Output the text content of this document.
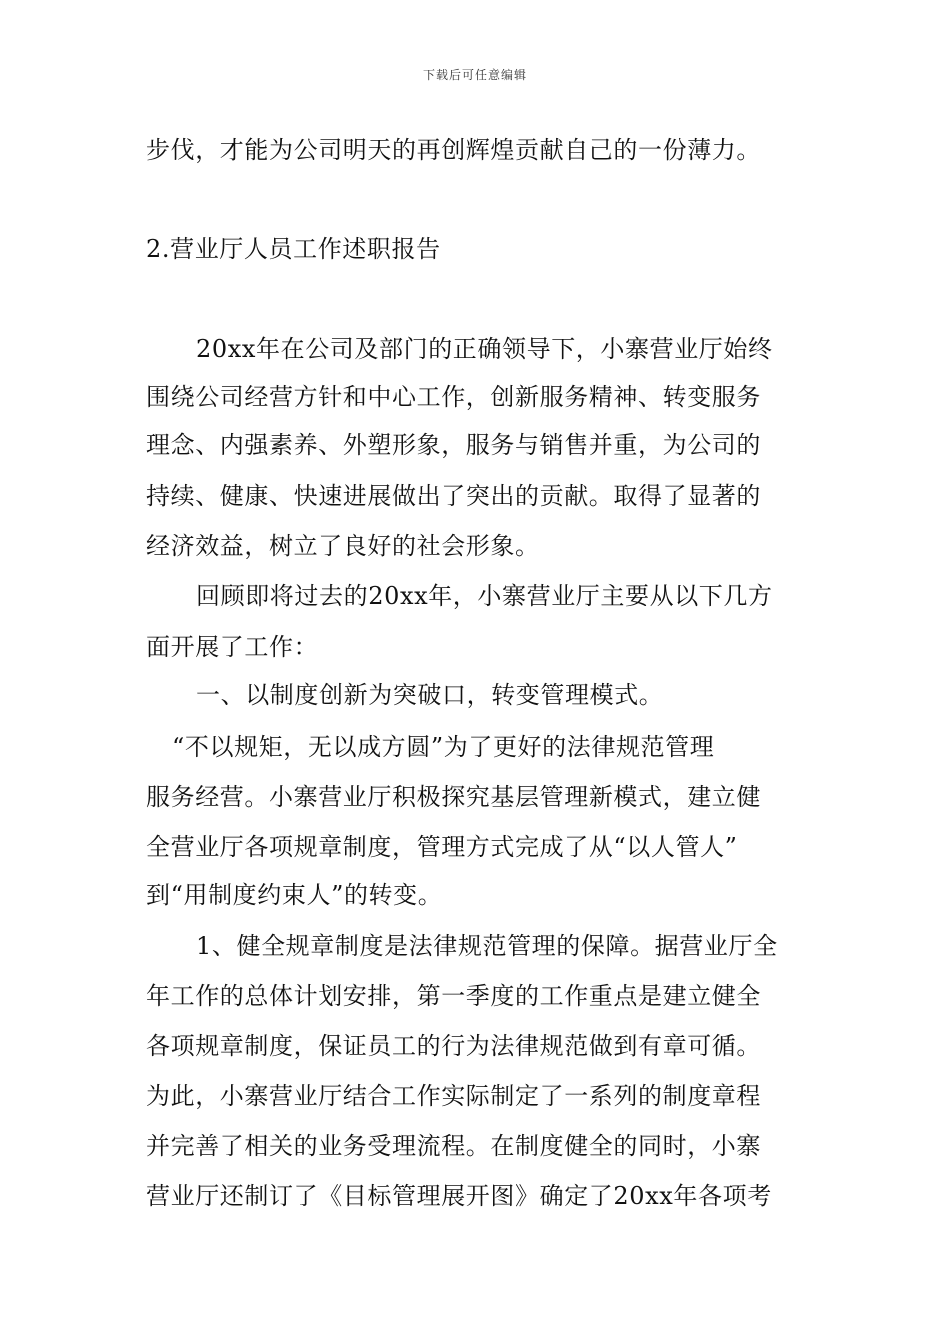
下载后可任意编辑
步伐，才能为公司明天的再创辉煌贡献自己的一份薄力。
2.营业厅人员工作述职报告
20xx年在公司及部门的正确领导下，小寨营业厅始终
围绕公司经营方针和中心工作，创新服务精神、转变服务
理念、内强素养、外塑形象，服务与销售并重，为公司的
持续、健康、快速进展做出了突出的贡献。取得了显著的
经济效益，树立了良好的社会形象。
回顾即将过去的20xx年，小寨营业厅主要从以下几方
面开展了工作：
一、以制度创新为突破口，转变管理模式。
“不以规矩，无以成方圆”为了更好的法律规范管理
服务经营。小寨营业厅积极探究基层管理新模式，建立健
全营业厅各项规章制度，管理方式完成了从“以人管人”
到“用制度约束人”的转变。
1、健全规章制度是法律规范管理的保障。据营业厅全
年工作的总体计划安排，第一季度的工作重点是建立健全
各项规章制度，保证员工的行为法律规范做到有章可循。
为此，小寨营业厅结合工作实际制定了一系列的制度章程
并完善了相关的业务受理流程。在制度健全的同时，小寨
营业厅还制订了《目标管理展开图》确定了20xx年各项考
